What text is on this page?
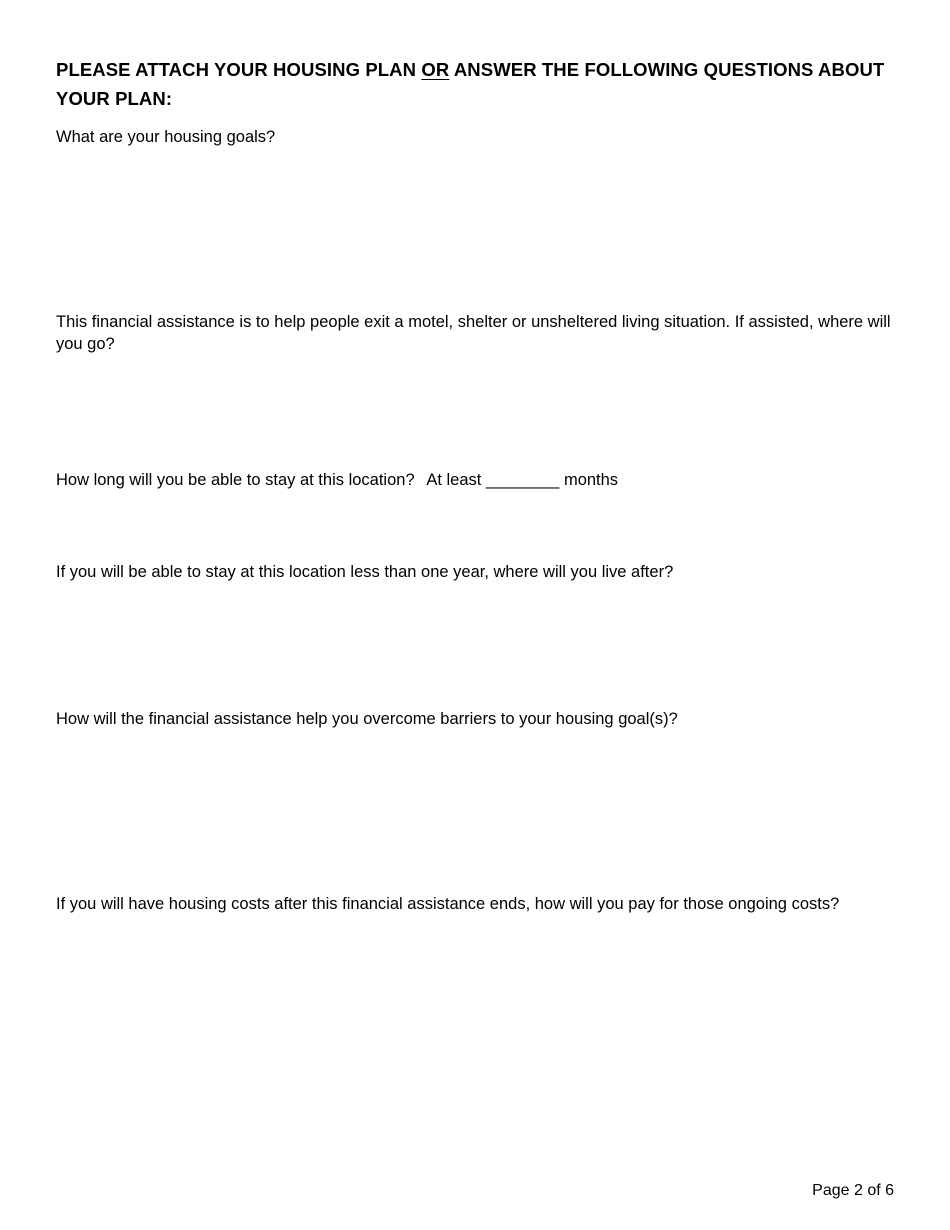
PLEASE ATTACH YOUR HOUSING PLAN OR ANSWER THE FOLLOWING QUESTIONS ABOUT YOUR PLAN:

What are your housing goals?

This financial assistance is to help people exit a motel, shelter or unsheltered living situation. If assisted, where will you go?

How long will you be able to stay at this location? At least ________ months

If you will be able to stay at this location less than one year, where will you live after?

How will the financial assistance help you overcome barriers to your housing goal(s)?

If you will have housing costs after this financial assistance ends, how will you pay for those ongoing costs?

Page 2 of 6
